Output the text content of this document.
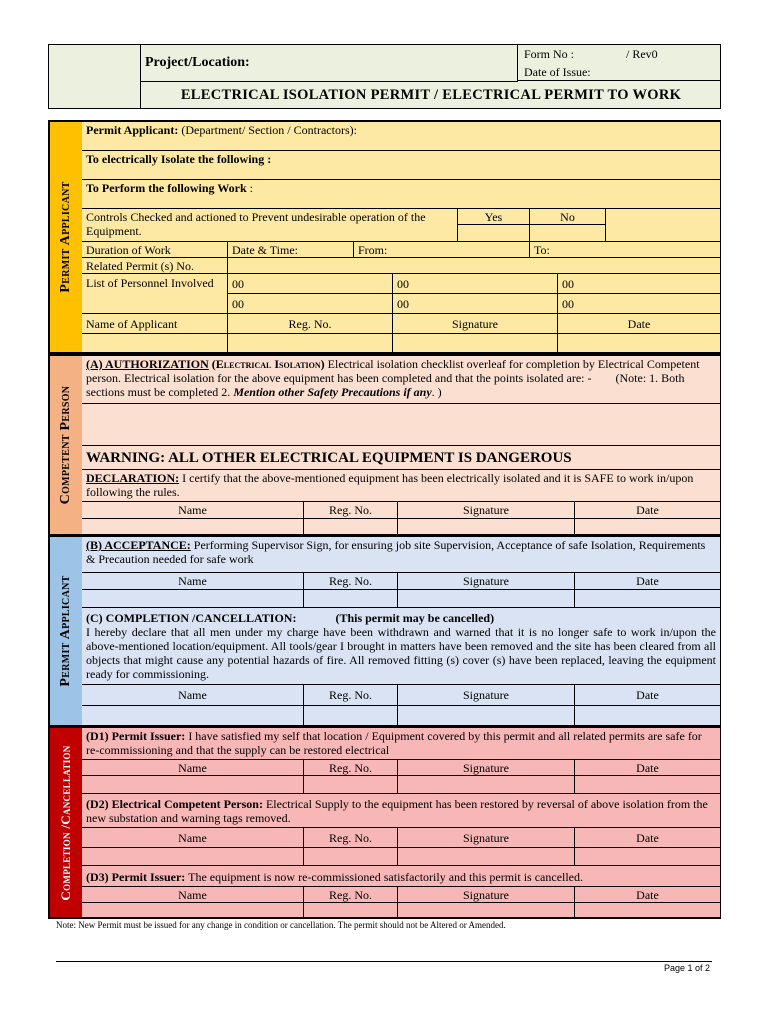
Project/Location:
Form No :	/ Rev0
Date of Issue:
ELECTRICAL ISOLATION PERMIT / ELECTRICAL PERMIT TO WORK
Permit Applicant
Permit Applicant: (Department/ Section / Contractors):
To electrically Isolate the following :
To Perform the following Work :
Controls Checked and actioned to Prevent undesirable operation of the Equipment.
Yes	No
Duration of Work	Date & Time:	From:	To:
Related Permit (s) No.
List of Personnel Involved	00	00	00
00	00	00
Name of Applicant	Reg. No.	Signature	Date
Competent Person
(A) AUTHORIZATION (Electrical Isolation) Electrical isolation checklist overleaf for completion by Electrical Competent person. Electrical isolation for the above equipment has been completed and that the points isolated are: - (Note: 1. Both sections must be completed 2. Mention other Safety Precautions if any. )
WARNING: ALL OTHER ELECTRICAL EQUIPMENT IS DANGEROUS
DECLARATION: I certify that the above-mentioned equipment has been electrically isolated and it is SAFE to work in/upon following the rules.
Name	Reg. No.	Signature	Date
Permit Applicant
(B) ACCEPTANCE: Performing Supervisor Sign, for ensuring job site Supervision, Acceptance of safe Isolation, Requirements & Precaution needed for safe work
Name	Reg. No.	Signature	Date
(C) COMPLETION /CANCELLATION:	(This permit may be cancelled)
I hereby declare that all men under my charge have been withdrawn and warned that it is no longer safe to work in/upon the above-mentioned location/equipment. All tools/gear I brought in matters have been removed and the site has been cleared from all objects that might cause any potential hazards of fire. All removed fitting (s) cover (s) have been replaced, leaving the equipment ready for commissioning.
Name	Reg. No.	Signature	Date
Completion /Cancellation
(D1) Permit Issuer: I have satisfied my self that location / Equipment covered by this permit and all related permits are safe for re-commissioning and that the supply can be restored electrical
Name	Reg. No.	Signature	Date
(D2) Electrical Competent Person: Electrical Supply to the equipment has been restored by reversal of above isolation from the new substation and warning tags removed.
Name	Reg. No.	Signature	Date
(D3) Permit Issuer: The equipment is now re-commissioned satisfactorily and this permit is cancelled.
Name	Reg. No.	Signature	Date
Note: New Permit must be issued for any change in condition or cancellation. The permit should not be Altered or Amended.
Page 1 of 2
